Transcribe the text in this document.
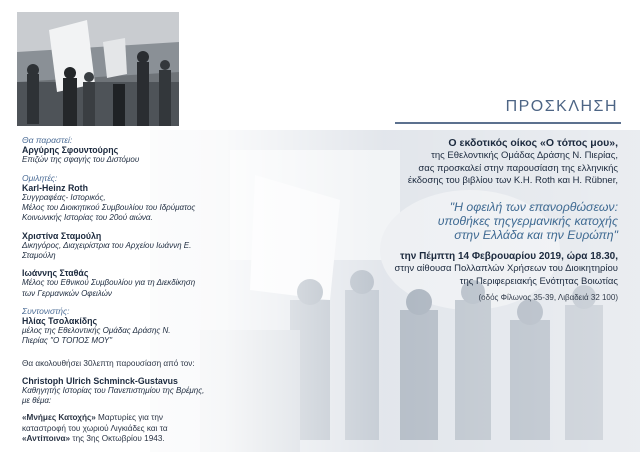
ΠΡΟΣΚΛΗΣΗ

Ο εκδοτικός οίκος «Ο τόπος μου»,

της Εθελοντικής Ομάδας Δράσης Ν. Πιερίας,

σας προσκαλεί στην παρουσίαση της ελληνικής

έκδοσης του βιβλίου των K.H. Roth και H. Rübner,

"Η οφειλή των επανορθώσεων:
υποθήκες τηςγερμανικής κατοχής
στην Ελλάδα και την Ευρώπη"

την Πέμπτη 14 Φεβρουαρίου 2019, ώρα 18.30,

στην αίθουσα Πολλαπλών Χρήσεων του Διοικητηρίου

της Περιφερειακής Ενότητας Βοιωτίας

(οδός Φίλωνος 35-39, Λιβαδειά 32 100)

Θα παραστεί:

Αργύρης Σφουντούρης

Επιζών της σφαγής του Διστόμου

Ομιλητές:

Karl-Heinz Roth

Συγγραφέας- Ιστορικός,

Μέλος του Διοικητικού Συμβουλίου του Ιδρύματος

Κοινωνικής Ιστορίας του 20ού αιώνα.

Χριστίνα Σταμούλη

Δικηγόρος, Διαχειρίστρια του Αρχείου Ιωάννη Ε. Σταμούλη

Ιωάννης Σταθάς

Μέλος του Εθνικού Συμβουλίου για τη Διεκδίκηση

των Γερμανικών Οφειλών

Συντονιστής:

Ηλίας Τσολακίδης

μέλος της Εθελοντικής Ομάδας Δράσης Ν.

Πιερίας "Ο ΤΟΠΟΣ ΜΟΥ"

Θα ακολουθήσει 30λεπτη παρουσίαση από τον:

Christoph Ulrich Schminck-Gustavus

Καθηγητής Ιστορίας του Πανεπιστημίου της Βρέμης,

με θέμα:

«Μνήμες Κατοχής» Μαρτυρίες για την
καταστροφή του χωριού Λιγκιάδες και τα
«Αντίποινα» της 3ης Οκτωβρίου 1943.
